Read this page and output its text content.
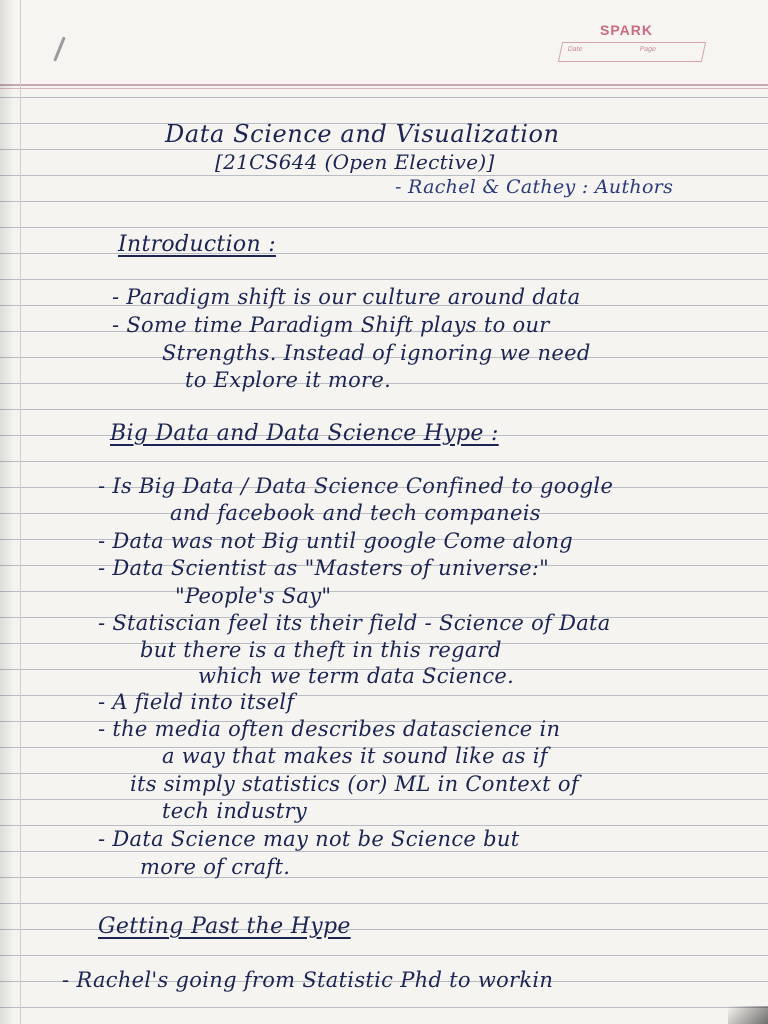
SPARK
Date	Page
Data Science and Visualization
[21CS644 (Open Elective)]
- Rachel & Cathey : Authors
Introduction :
- Paradigm shift is our culture around data
- Some time Paradigm Shift plays to our
Strengths. Instead of ignoring we need
to Explore it more.
Big Data and Data Science Hype :
- Is Big Data / Data Science Confined to google
and facebook and tech companeis
- Data was not Big until google Come along
- Data Scientist as "Masters of universe:"
"People's Say"
- Statiscian feel its their field - Science of Data
but there is a theft in this regard
which we term data Science.
- A field into itself
- the media often describes datascience in
a way that makes it sound like as if
its simply statistics (or) ML in Context of
tech industry
- Data Science may not be Science but
more of craft.
Getting Past the Hype
- Rachel's going from Statistic Phd to workin
